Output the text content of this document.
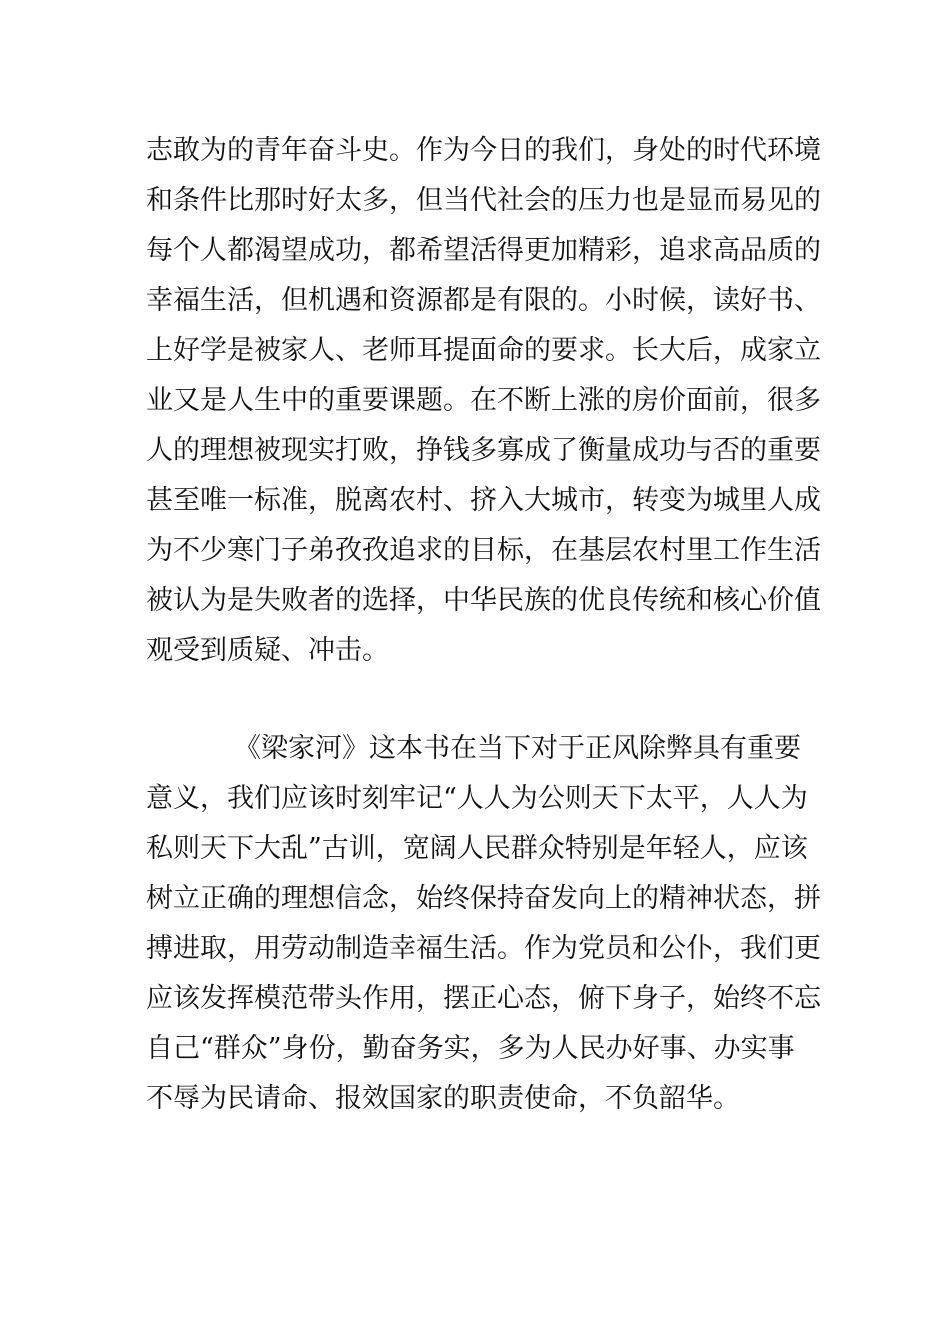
志敢为的青年奋斗史。作为今日的我们，身处的时代环境
和条件比那时好太多，但当代社会的压力也是显而易见的
每个人都渴望成功，都希望活得更加精彩，追求高品质的
幸福生活，但机遇和资源都是有限的。小时候，读好书、
上好学是被家人、老师耳提面命的要求。长大后，成家立
业又是人生中的重要课题。在不断上涨的房价面前，很多
人的理想被现实打败，挣钱多寡成了衡量成功与否的重要
甚至唯一标准，脱离农村、挤入大城市，转变为城里人成
为不少寒门子弟孜孜追求的目标，在基层农村里工作生活
被认为是失败者的选择，中华民族的优良传统和核心价值
观受到质疑、冲击。
《梁家河》这本书在当下对于正风除弊具有重要
意义，我们应该时刻牢记“人人为公则天下太平，人人为
私则天下大乱”古训，宽阔人民群众特别是年轻人，应该
树立正确的理想信念，始终保持奋发向上的精神状态，拼
搏进取，用劳动制造幸福生活。作为党员和公仆，我们更
应该发挥模范带头作用，摆正心态，俯下身子，始终不忘
自己“群众”身份，勤奋务实，多为人民办好事、办实事
不辱为民请命、报效国家的职责使命，不负韶华。
